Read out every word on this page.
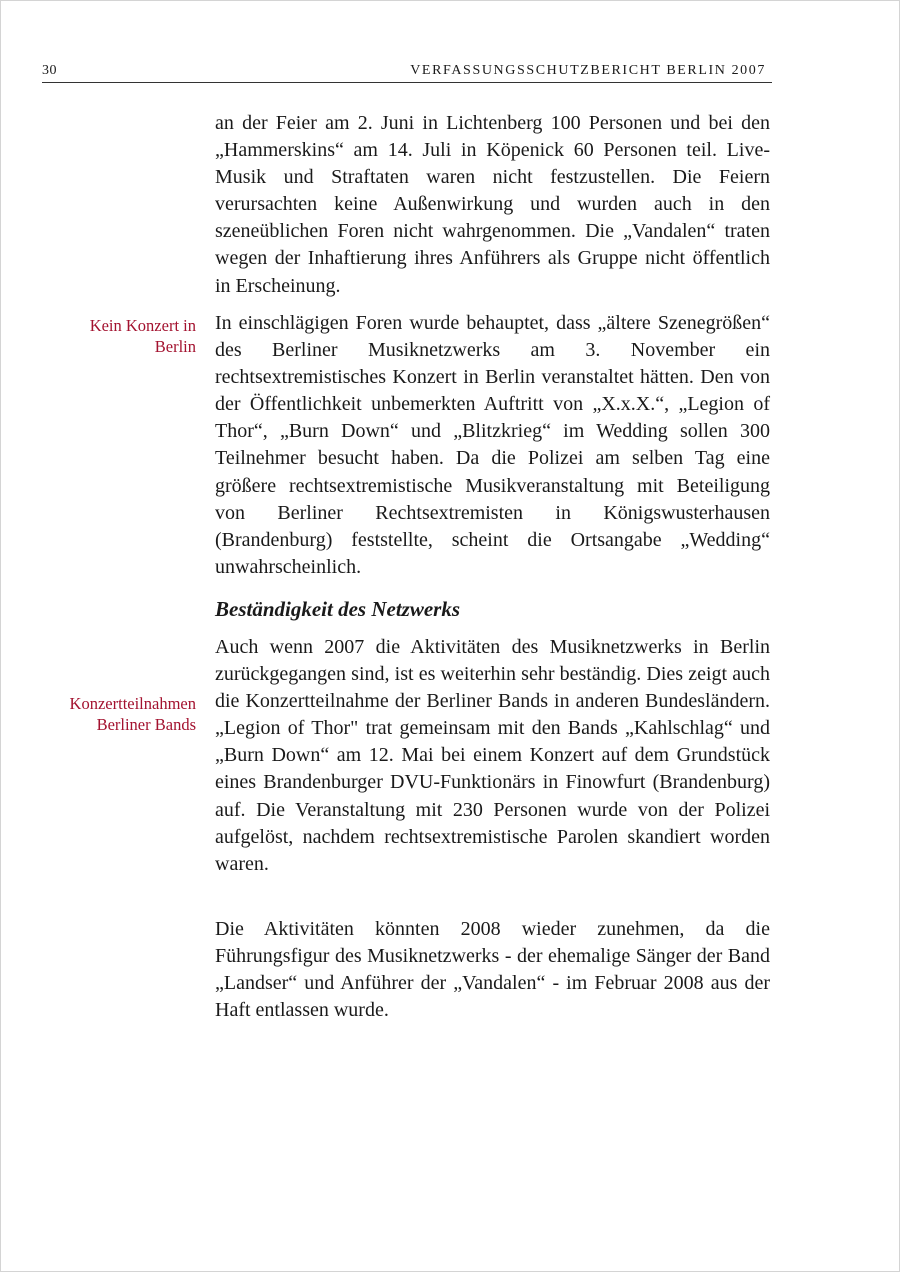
30	VERFASSUNGSSCHUTZBERICHT BERLIN 2007
Kein Konzert in
Berlin
Konzertteilnahmen
Berliner Bands

an der Feier am 2. Juni in Lichtenberg 100 Personen und bei den „Hammerskins“ am 14. Juli in Köpenick 60 Personen teil. Live-Musik und Straftaten waren nicht festzustellen. Die Feiern verursachten keine Außenwirkung und wurden auch in den szeneüblichen Foren nicht wahrgenommen. Die „Vandalen“ traten wegen der Inhaftierung ihres Anführers als Gruppe nicht öffentlich in Erscheinung.

In einschlägigen Foren wurde behauptet, dass „ältere Szenegrößen“ des Berliner Musiknetzwerks am 3. November ein rechtsextremistisches Konzert in Berlin veranstaltet hätten. Den von der Öffentlichkeit unbemerkten Auftritt von „X.x.X.“, „Legion of Thor“, „Burn Down“ und „Blitzkrieg“ im Wedding sollen 300 Teilnehmer besucht haben. Da die Polizei am selben Tag eine größere rechtsextremistische Musikveranstaltung mit Beteiligung von Berliner Rechtsextremisten in Königswusterhausen (Brandenburg) feststellte, scheint die Ortsangabe „Wedding“ unwahrscheinlich.

Beständigkeit des Netzwerks

Auch wenn 2007 die Aktivitäten des Musiknetzwerks in Berlin zurückgegangen sind, ist es weiterhin sehr beständig. Dies zeigt auch die Konzertteilnahme der Berliner Bands in anderen Bundesländern. „Legion of Thor" trat gemeinsam mit den Bands „Kahlschlag“ und „Burn Down“ am 12. Mai bei einem Konzert auf dem Grundstück eines Brandenburger DVU-Funktionärs in Finowfurt (Brandenburg) auf. Die Veranstaltung mit 230 Personen wurde von der Polizei aufgelöst, nachdem rechtsextremistische Parolen skandiert worden waren.

Die Aktivitäten könnten 2008 wieder zunehmen, da die Führungsfigur des Musiknetzwerks - der ehemalige Sänger der Band „Landser“ und Anführer der „Vandalen“ - im Februar 2008 aus der Haft entlassen wurde.
